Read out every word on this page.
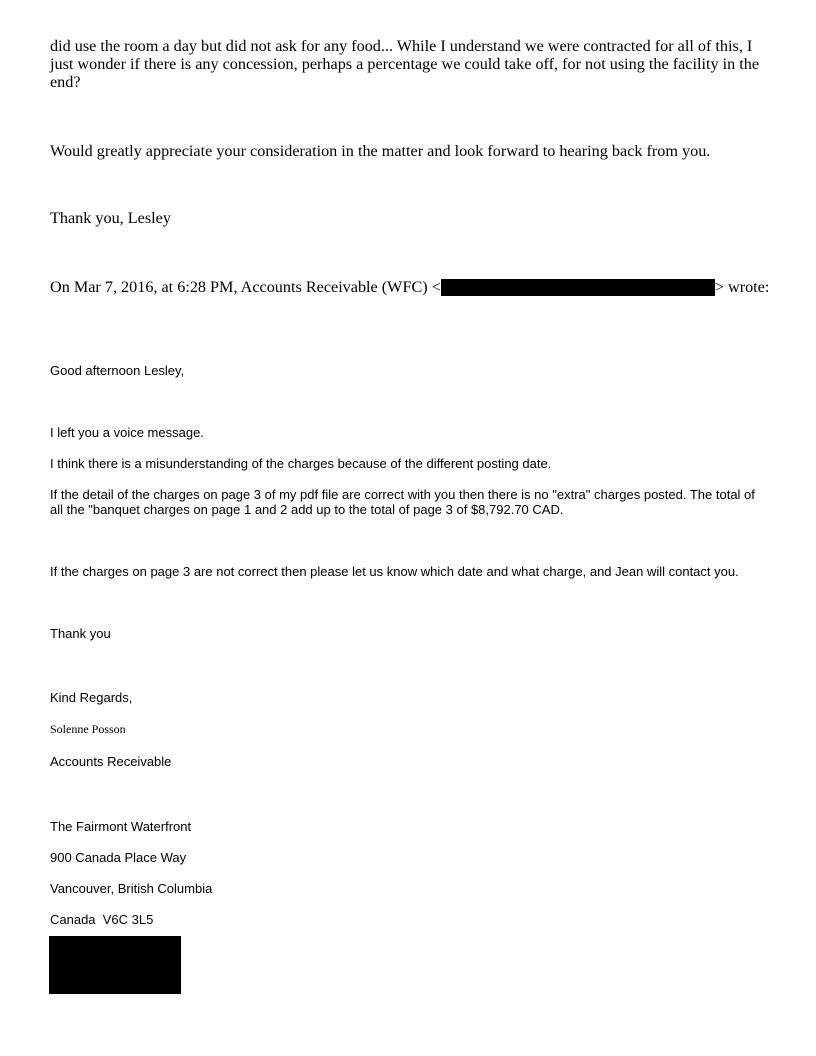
did use the room a day but did not ask for any food... While I understand we were contracted for all of this, I just wonder if there is any concession, perhaps a percentage we could take off, for not using the facility in the end?

Would greatly appreciate your consideration in the matter and look forward to hearing back from you.

Thank you, Lesley

On Mar 7, 2016, at 6:28 PM, Accounts Receivable (WFC) <	> wrote:

Good afternoon Lesley,

I left you a voice message.

I think there is a misunderstanding of the charges because of the different posting date.

If the detail of the charges on page 3 of my pdf file are correct with you then there is no "extra" charges posted. The total of all the "banquet charges on page 1 and 2 add up to the total of page 3 of $8,792.70 CAD.

If the charges on page 3 are not correct then please let us know which date and what charge, and Jean will contact you.

Thank you

Kind Regards,

Solenne Posson

Accounts Receivable

The Fairmont Waterfront

900 Canada Place Way

Vancouver, British Columbia

Canada  V6C 3L5
